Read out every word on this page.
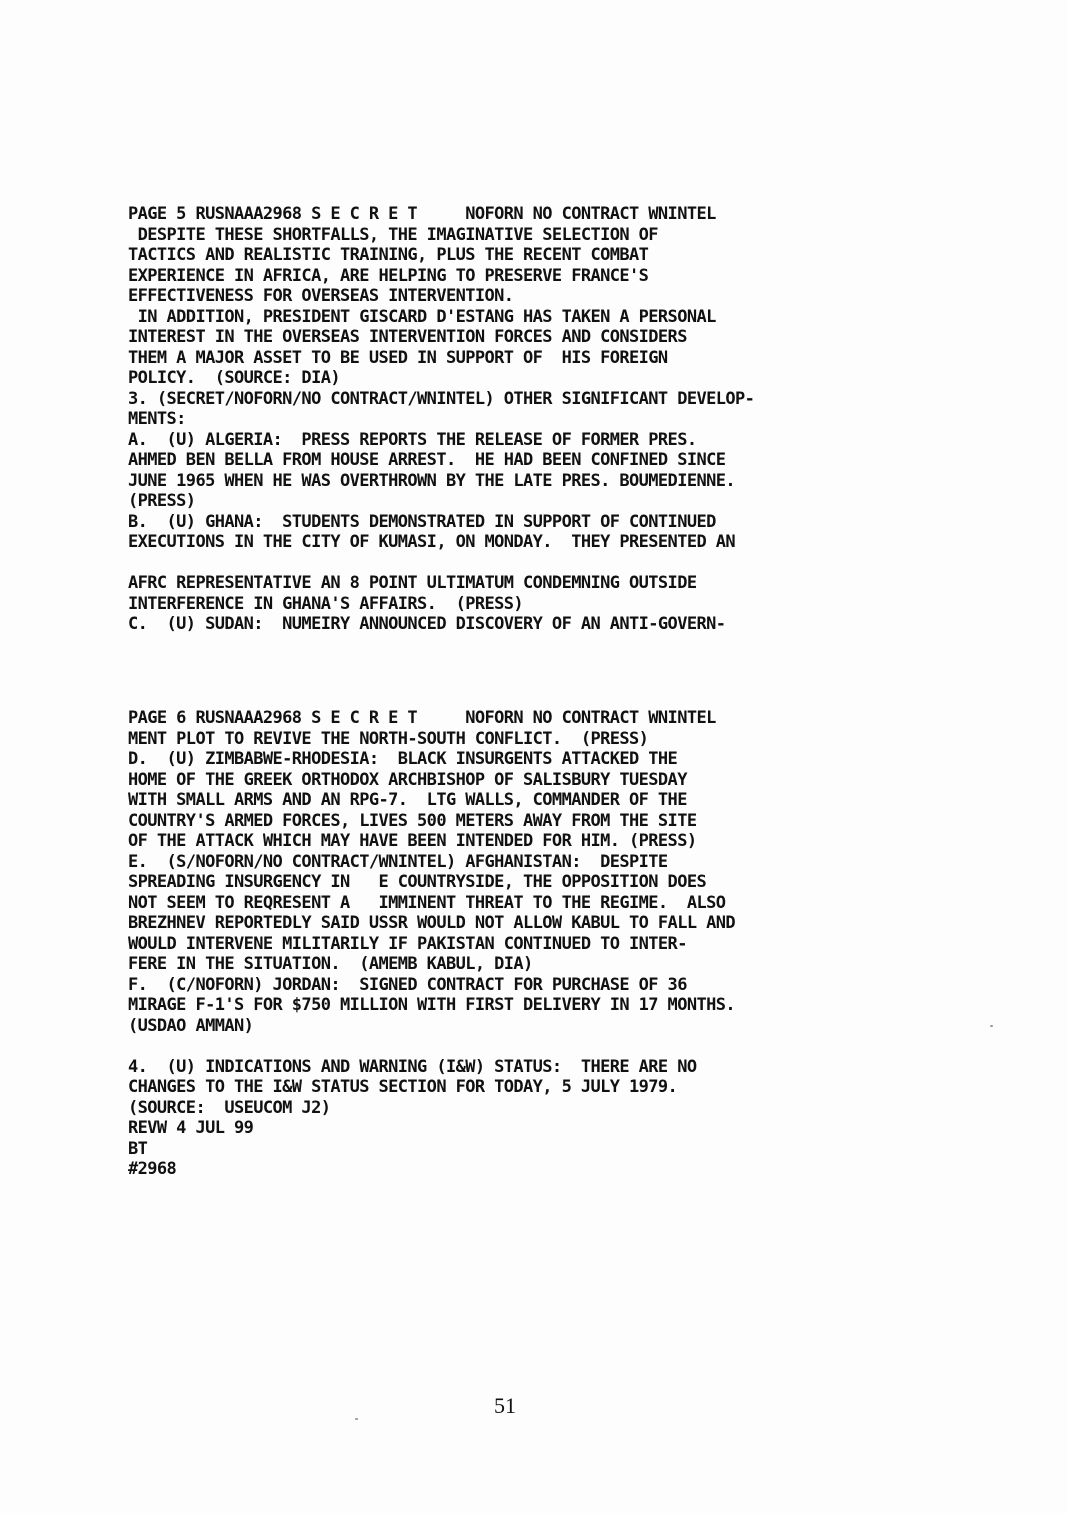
PAGE 5 RUSNAAA2968 S E C R E T     NOFORN NO CONTRACT WNINTEL
DESPITE THESE SHORTFALLS, THE IMAGINATIVE SELECTION OF
TACTICS AND REALISTIC TRAINING, PLUS THE RECENT COMBAT
EXPERIENCE IN AFRICA, ARE HELPING TO PRESERVE FRANCE'S
EFFECTIVENESS FOR OVERSEAS INTERVENTION.
IN ADDITION, PRESIDENT GISCARD D'ESTANG HAS TAKEN A PERSONAL
INTEREST IN THE OVERSEAS INTERVENTION FORCES AND CONSIDERS
THEM A MAJOR ASSET TO BE USED IN SUPPORT OF  HIS FOREIGN
POLICY.  (SOURCE: DIA)
3. (SECRET/NOFORN/NO CONTRACT/WNINTEL) OTHER SIGNIFICANT DEVELOP-
MENTS:
A.  (U) ALGERIA:  PRESS REPORTS THE RELEASE OF FORMER PRES.
AHMED BEN BELLA FROM HOUSE ARREST.  HE HAD BEEN CONFINED SINCE
JUNE 1965 WHEN HE WAS OVERTHROWN BY THE LATE PRES. BOUMEDIENNE.
(PRESS)
B.  (U) GHANA:  STUDENTS DEMONSTRATED IN SUPPORT OF CONTINUED
EXECUTIONS IN THE CITY OF KUMASI, ON MONDAY.  THEY PRESENTED AN
AFRC REPRESENTATIVE AN 8 POINT ULTIMATUM CONDEMNING OUTSIDE
INTERFERENCE IN GHANA'S AFFAIRS.  (PRESS)
C.  (U) SUDAN:  NUMEIRY ANNOUNCED DISCOVERY OF AN ANTI-GOVERN-
PAGE 6 RUSNAAA2968 S E C R E T     NOFORN NO CONTRACT WNINTEL
MENT PLOT TO REVIVE THE NORTH-SOUTH CONFLICT.  (PRESS)
D.  (U) ZIMBABWE-RHODESIA:  BLACK INSURGENTS ATTACKED THE
HOME OF THE GREEK ORTHODOX ARCHBISHOP OF SALISBURY TUESDAY
WITH SMALL ARMS AND AN RPG-7.  LTG WALLS, COMMANDER OF THE
COUNTRY'S ARMED FORCES, LIVES 500 METERS AWAY FROM THE SITE
OF THE ATTACK WHICH MAY HAVE BEEN INTENDED FOR HIM. (PRESS)
E.  (S/NOFORN/NO CONTRACT/WNINTEL) AFGHANISTAN:  DESPITE
SPREADING INSURGENCY IN   E COUNTRYSIDE, THE OPPOSITION DOES
NOT SEEM TO REQRESENT A   IMMINENT THREAT TO THE REGIME.  ALSO
BREZHNEV REPORTEDLY SAID USSR WOULD NOT ALLOW KABUL TO FALL AND
WOULD INTERVENE MILITARILY IF PAKISTAN CONTINUED TO INTER-
FERE IN THE SITUATION.  (AMEMB KABUL, DIA)
F.  (C/NOFORN) JORDAN:  SIGNED CONTRACT FOR PURCHASE OF 36
MIRAGE F-1'S FOR $750 MILLION WITH FIRST DELIVERY IN 17 MONTHS.
(USDAO AMMAN)
4.  (U) INDICATIONS AND WARNING (I&W) STATUS:  THERE ARE NO
CHANGES TO THE I&W STATUS SECTION FOR TODAY, 5 JULY 1979.
(SOURCE:  USEUCOM J2)
REVW 4 JUL 99
BT
#2968
51
